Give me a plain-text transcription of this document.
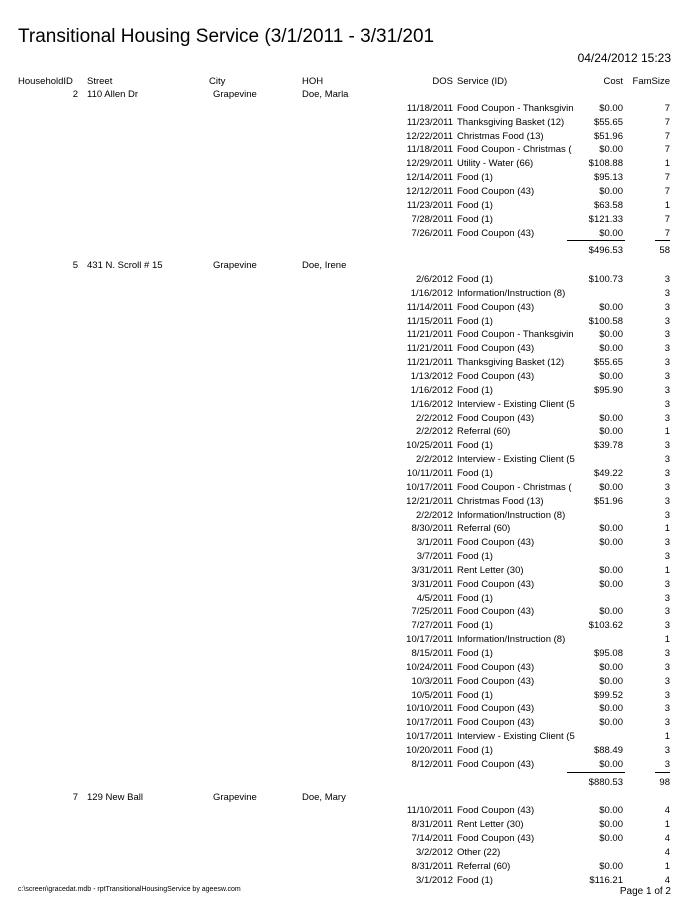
Transitional Housing Service (3/1/2011 - 3/31/201
04/24/2012 15:23
HouseholdID Street	City	HOH	DOS Service (ID)	Cost FamSize
2 110 Allen Dr	Grapevine	Doe, Marla
11/18/2011 Food Coupon - Thanksgivin	$0.00	7
11/23/2011 Thanksgiving Basket (12)	$55.65	7
12/22/2011 Christmas Food (13)	$51.96	7
11/18/2011 Food Coupon - Christmas (	$0.00	7
12/29/2011 Utility - Water (66)	$108.88	1
12/14/2011 Food (1)	$95.13	7
12/12/2011 Food Coupon (43)	$0.00	7
11/23/2011 Food (1)	$63.58	1
7/28/2011 Food (1)	$121.33	7
7/26/2011 Food Coupon (43)	$0.00	7
$496.53	58
5 431 N. Scroll # 15	Grapevine	Doe, Irene
2/6/2012 Food (1)	$100.73	3
1/16/2012 Information/Instruction (8)	3
11/14/2011 Food Coupon (43)	$0.00	3
11/15/2011 Food (1)	$100.58	3
11/21/2011 Food Coupon - Thanksgivin	$0.00	3
11/21/2011 Food Coupon (43)	$0.00	3
11/21/2011 Thanksgiving Basket (12)	$55.65	3
1/13/2012 Food Coupon (43)	$0.00	3
1/16/2012 Food (1)	$95.90	3
1/16/2012 Interview - Existing Client (5	3
2/2/2012 Food Coupon (43)	$0.00	3
2/2/2012 Referral (60)	$0.00	1
10/25/2011 Food (1)	$39.78	3
2/2/2012 Interview - Existing Client (5	3
10/11/2011 Food (1)	$49.22	3
10/17/2011 Food Coupon - Christmas (	$0.00	3
12/21/2011 Christmas Food (13)	$51.96	3
2/2/2012 Information/Instruction (8)	3
8/30/2011 Referral (60)	$0.00	1
3/1/2011 Food Coupon (43)	$0.00	3
3/7/2011 Food (1)	3
3/31/2011 Rent Letter (30)	$0.00	1
3/31/2011 Food Coupon (43)	$0.00	3
4/5/2011 Food (1)	3
7/25/2011 Food Coupon (43)	$0.00	3
7/27/2011 Food (1)	$103.62	3
10/17/2011 Information/Instruction (8)	1
8/15/2011 Food (1)	$95.08	3
10/24/2011 Food Coupon (43)	$0.00	3
10/3/2011 Food Coupon (43)	$0.00	3
10/5/2011 Food (1)	$99.52	3
10/10/2011 Food Coupon (43)	$0.00	3
10/17/2011 Food Coupon (43)	$0.00	3
10/17/2011 Interview - Existing Client (5	1
10/20/2011 Food (1)	$88.49	3
8/12/2011 Food Coupon (43)	$0.00	3
$880.53	98
7 129 New Ball	Grapevine	Doe, Mary
11/10/2011 Food Coupon (43)	$0.00	4
8/31/2011 Rent Letter (30)	$0.00	1
7/14/2011 Food Coupon (43)	$0.00	4
3/2/2012 Other (22)	4
8/31/2011 Referral (60)	$0.00	1
3/1/2012 Food (1)	$116.21	4
c:\screen\gracedat.mdb - rptTransitionalHousingService by ageesw.com	Page 1 of 2
